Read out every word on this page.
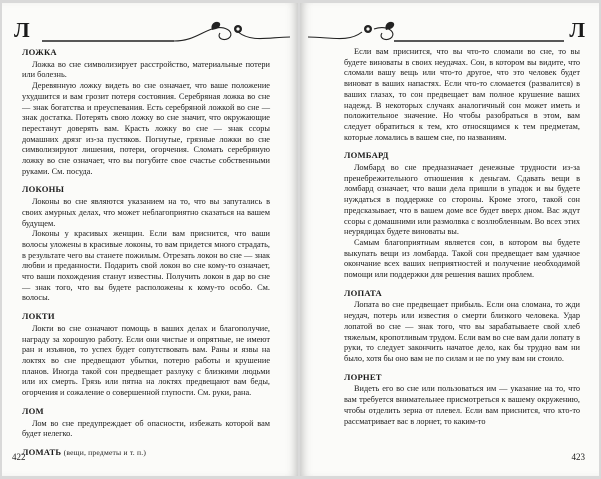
Л
ЛОЖКА

Ложка во сне символизирует расстройство, материальные потери или болезнь.

Деревянную ложку видеть во сне означает, что ваше положение ухудшится и вам грозит потеря состояния. Серебряная ложка во сне — знак богатства и преуспевания. Есть серебряной ложкой во сне — знак достатка. Потерять свою ложку во сне значит, что окружающие перестанут доверять вам. Красть ложку во сне — знак ссоры домашних дрязг из-за пустяков. Погнутые, грязные ложки во сне символизируют лишения, потери, огорчения. Сломать серебряную ложку во сне означает, что вы погубите свое счастье собственными руками. См. посуда.

ЛОКОНЫ

Локоны во сне являются указанием на то, что вы запутались в своих амурных делах, что может неблагоприятно сказаться на вашем будущем.

Локоны у красивых женщин. Если вам приснится, что ваши волосы уложены в красивые локоны, то вам придется много страдать, в результате чего вы станете пожилым. Отрезать локон во сне — знак любви и преданности. Подарить свой локон во сне кому-то означает, что ваши похождения станут известны. Получить локон в дар во сне — знак того, что вы будете расположены к кому-то особо. См. волосы.

ЛОКТИ

Локти во сне означают помощь в ваших делах и благополучие, награду за хорошую работу. Если они чистые и опрятные, не имеют ран и изъянов, то успех будет сопутствовать вам. Раны и язвы на локтях во сне предвещают убытки, потерю работы и крушение планов. Иногда такой сон предвещает разлуку с близкими людьми или их смерть. Грязь или пятна на локтях предвещают вам беды, огорчения и сожаление о совершенной глупости. См. руки, рана.

ЛОМ

Лом во сне предупреждает об опасности, избежать которой вам будет нелегко.

ЛОМАТЬ (вещи, предметы и т. п.)
422
Л

Если вам приснится, что вы что-то сломали во сне, то вы будете виноваты в своих неудачах. Сон, в котором вы видите, что сломали вашу вещь или что-то другое, что это человек будет виноват в ваших напастях. Если что-то сломается (развалится) в ваших глазах, то сон предвещает вам полное крушение ваших надежд. В некоторых случаях аналогичный сон может иметь и положительное значение. Но чтобы разобраться в этом, вам следует обратиться к тем, кто относящимся к тем предметам, которые ломались в вашем сне, по названиям.

ЛОМБАРД

Ломбард во сне предназначает денежные трудности из-за пренебрежительного отношения к деньгам. Сдавать вещи в ломбард означает, что ваши дела пришли в упадок и вы будете нуждаться в поддержке со стороны. Кроме этого, такой сон предсказывает, что в вашем доме все будет вверх дном. Вас ждут ссоры с домашними или размолвка с возлюбленным. Во всех этих неурядицах будете виноваты вы.

Самым благоприятным является сон, в котором вы будете выкупать вещи из ломбарда. Такой сон предвещает вам удачное окончание всех ваших неприятностей и получение необходимой помощи или поддержки для решения ваших проблем.

ЛОПАТА

Лопата во сне предвещает прибыль. Если она сломана, то жди неудач, потерь или известия о смерти близкого человека. Удар лопатой во сне — знак того, что вы зарабатываете свой хлеб тяжелым, кропотливым трудом. Если вам во сне вам дали лопату в руки, то следует закончить начатое дело, как бы трудно вам ни было, хотя бы оно вам не по силам и не по уму вам ни стоило.

ЛОРНЕТ

Видеть его во сне или пользоваться им — указание на то, что вам требуется внимательнее присмотреться к вашему окружению, чтобы отделить зерна от плевел. Если вам приснится, что кто-то рассматривает вас в лорнет, то каким-то

423
